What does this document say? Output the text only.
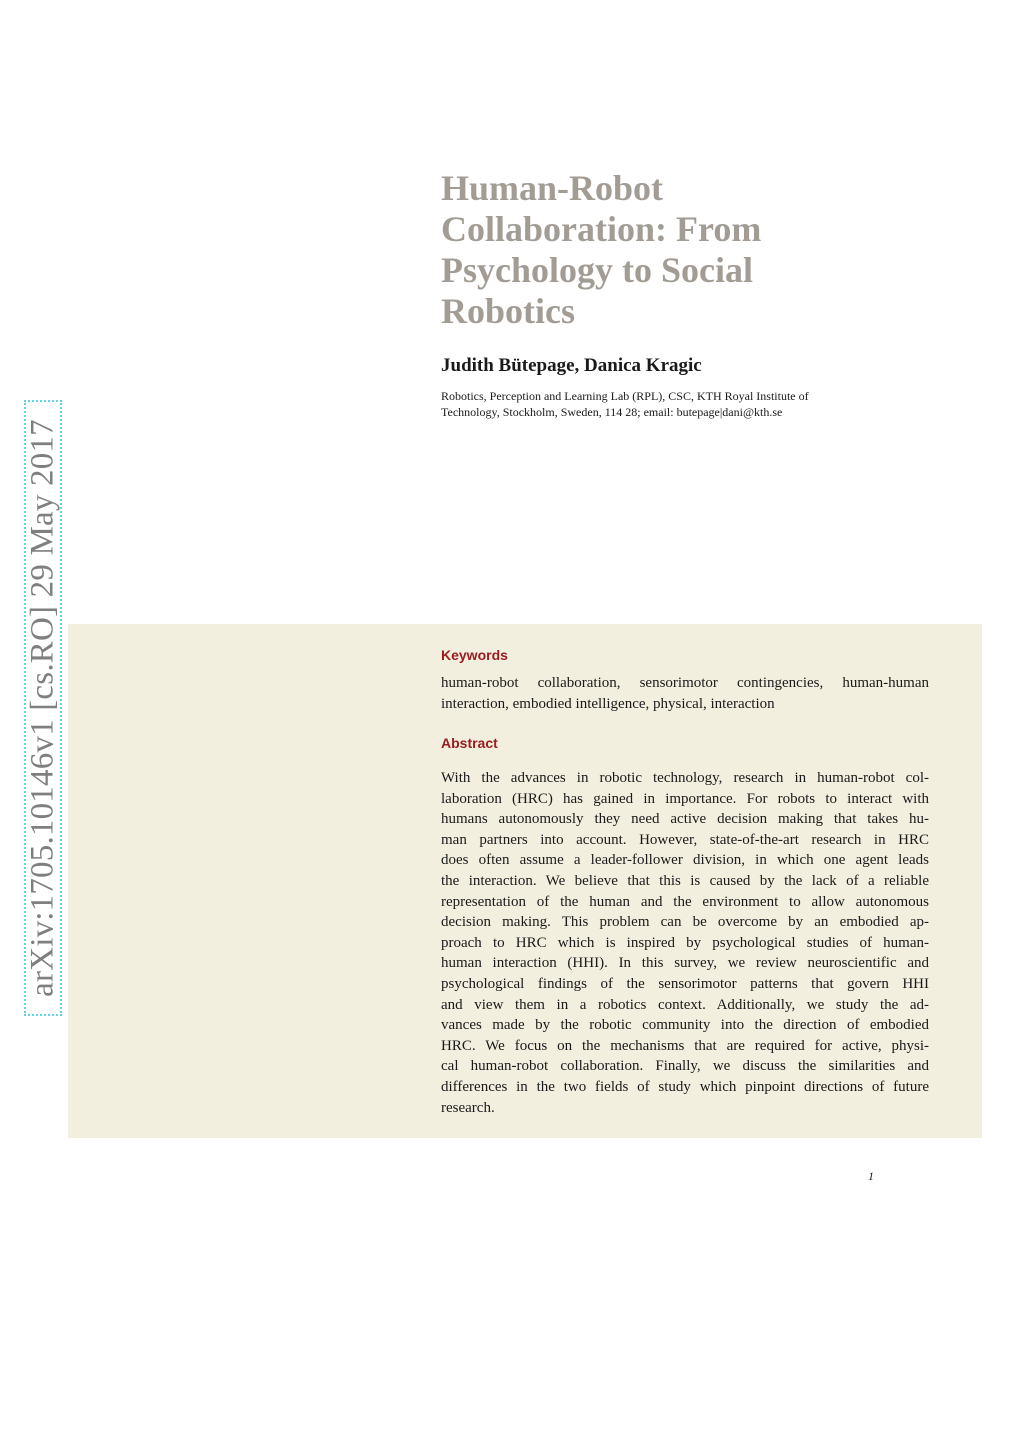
arXiv:1705.10146v1 [cs.RO] 29 May 2017
Human-Robot
Collaboration: From
Psychology to Social
Robotics

Judith Bütepage, Danica Kragic

Robotics, Perception and Learning Lab (RPL), CSC, KTH Royal Institute of
Technology, Stockholm, Sweden, 114 28; email: butepage|dani@kth.se

Keywords

human-robot collaboration, sensorimotor contingencies, human-human
interaction, embodied intelligence, physical, interaction

Abstract

With the advances in robotic technology, research in human-robot col-
laboration (HRC) has gained in importance. For robots to interact with
humans autonomously they need active decision making that takes hu-
man partners into account. However, state-of-the-art research in HRC
does often assume a leader-follower division, in which one agent leads
the interaction. We believe that this is caused by the lack of a reliable
representation of the human and the environment to allow autonomous
decision making. This problem can be overcome by an embodied ap-
proach to HRC which is inspired by psychological studies of human-
human interaction (HHI). In this survey, we review neuroscientific and
psychological findings of the sensorimotor patterns that govern HHI
and view them in a robotics context. Additionally, we study the ad-
vances made by the robotic community into the direction of embodied
HRC. We focus on the mechanisms that are required for active, physi-
cal human-robot collaboration. Finally, we discuss the similarities and
differences in the two fields of study which pinpoint directions of future
research.

1
